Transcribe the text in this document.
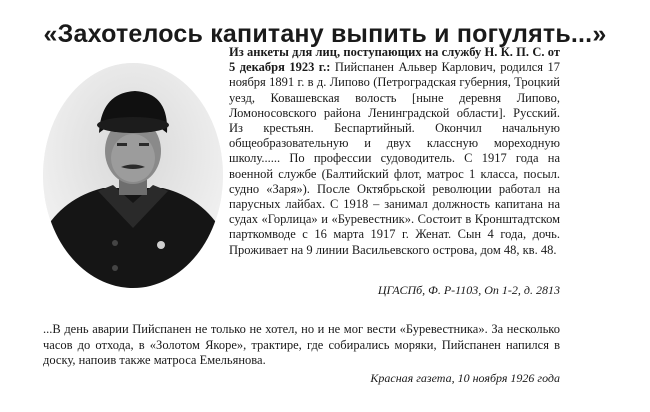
«Захотелось капитану выпить и погулять...»
Из анкеты для лиц, поступающих на службу Н. К. П. С. от 5 декабря 1923 г.: Пийспанен Альвер Карлович, родился 17 ноября 1891 г. в д. Липово (Петроградская губерния, Троцкий уезд, Ковашевская волость [ныне деревня Липово, Ломоносовского района Ленинградской области]. Русский. Из крестьян. Беспартийный. Окончил начальную общеобразовательную и двух классную мореходную школу...... По профессии судоводитель. С 1917 года на военной службе (Балтийский флот, матрос 1 класса, посыл. судно «Заря»). После Октябрьской революции работал на парусных лайбах. С 1918 – занимал должность капитана на судах «Горлица» и «Буревестник». Состоит в Кронштадтском парткомводе с 16 марта 1917 г. Женат. Сын 4 года, дочь. Проживает на 9 линии Васильевского острова, дом 48, кв. 48.
ЦГАСПб, Ф. Р-1103, Оп 1-2, д. 2813
...В день аварии Пийспанен не только не хотел, но и не мог вести «Буревестника». За несколько часов до отхода, в «Золотом Якоре», трактире, где собирались моряки, Пийспанен напился в доску, напоив также матроса Емельянова.
Красная газета, 10 ноября 1926 года
